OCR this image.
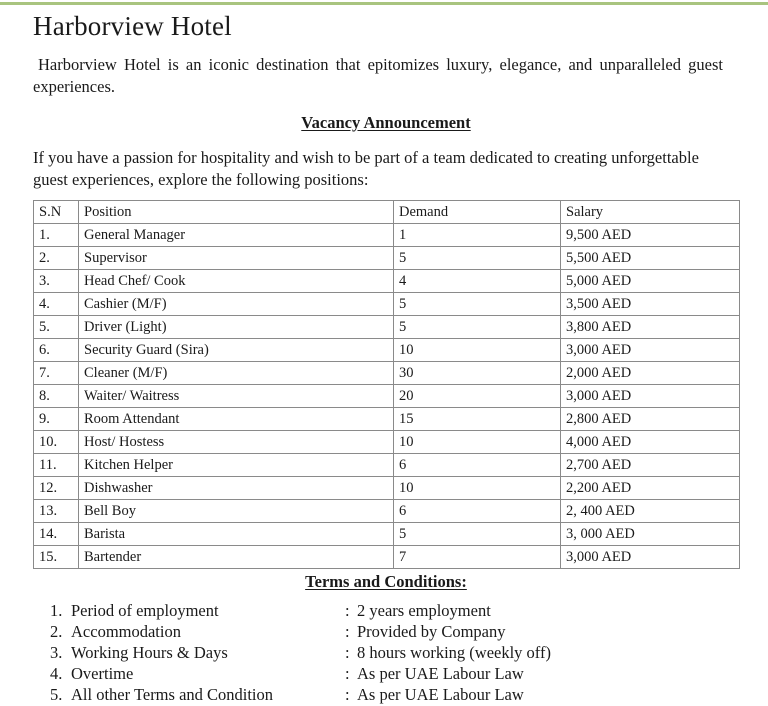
Harborview Hotel

Harborview Hotel is an iconic destination that epitomizes luxury, elegance, and unparalleled guest experiences.

Vacancy Announcement

If you have a passion for hospitality and wish to be part of a team dedicated to creating unforgettable guest experiences, explore the following positions:

S.N	Position	Demand	Salary
1.	General Manager	1	9,500 AED
2.	Supervisor	5	5,500 AED
3.	Head Chef/ Cook	4	5,000 AED
4.	Cashier (M/F)	5	3,500 AED
5.	Driver (Light)	5	3,800 AED
6.	Security Guard (Sira)	10	3,000 AED
7.	Cleaner (M/F)	30	2,000 AED
8.	Waiter/ Waitress	20	3,000 AED
9.	Room Attendant	15	2,800 AED
10.	Host/ Hostess	10	4,000 AED
11.	Kitchen Helper	6	2,700 AED
12.	Dishwasher	10	2,200 AED
13.	Bell Boy	6	2, 400 AED
14.	Barista	5	3, 000 AED
15.	Bartender	7	3,000 AED
Terms and Conditions:
1. Period of employment	: 2 years employment
2. Accommodation	: Provided by Company
3. Working Hours & Days	: 8 hours working (weekly off)
4. Overtime	: As per UAE Labour Law
5. All other Terms and Condition	: As per UAE Labour Law
